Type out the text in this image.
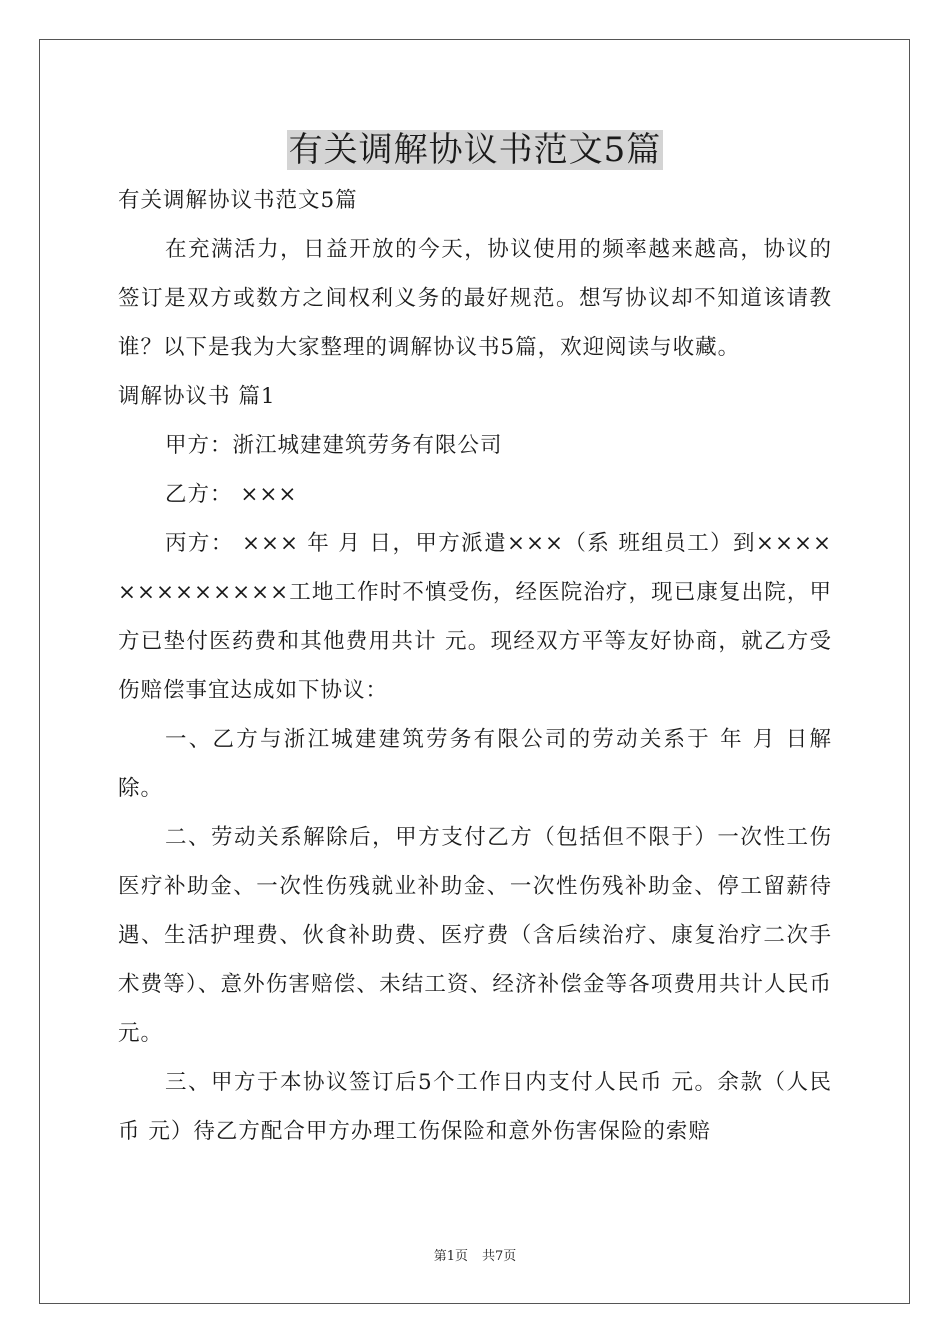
有关调解协议书范文5篇

有关调解协议书范文5篇

在充满活力，日益开放的今天，协议使用的频率越来越高，协议的签订是双方或数方之间权利义务的最好规范。想写协议却不知道该请教谁？以下是我为大家整理的调解协议书5篇，欢迎阅读与收藏。

调解协议书 篇1

甲方：浙江城建建筑劳务有限公司

乙方： ×××

丙方： ××× 年 月 日，甲方派遣×××（系 班组员工）到×××××××××××××工地工作时不慎受伤，经医院治疗，现已康复出院，甲方已垫付医药费和其他费用共计 元。现经双方平等友好协商，就乙方受伤赔偿事宜达成如下协议：

一、乙方与浙江城建建筑劳务有限公司的劳动关系于 年 月 日解除。

二、劳动关系解除后，甲方支付乙方（包括但不限于）一次性工伤医疗补助金、一次性伤残就业补助金、一次性伤残补助金、停工留薪待遇、生活护理费、伙食补助费、医疗费（含后续治疗、康复治疗二次手术费等）、意外伤害赔偿、未结工资、经济补偿金等各项费用共计人民币 元。

三、甲方于本协议签订后5个工作日内支付人民币 元。余款（人民币 元）待乙方配合甲方办理工伤保险和意外伤害保险的索赔

第1页 共7页
